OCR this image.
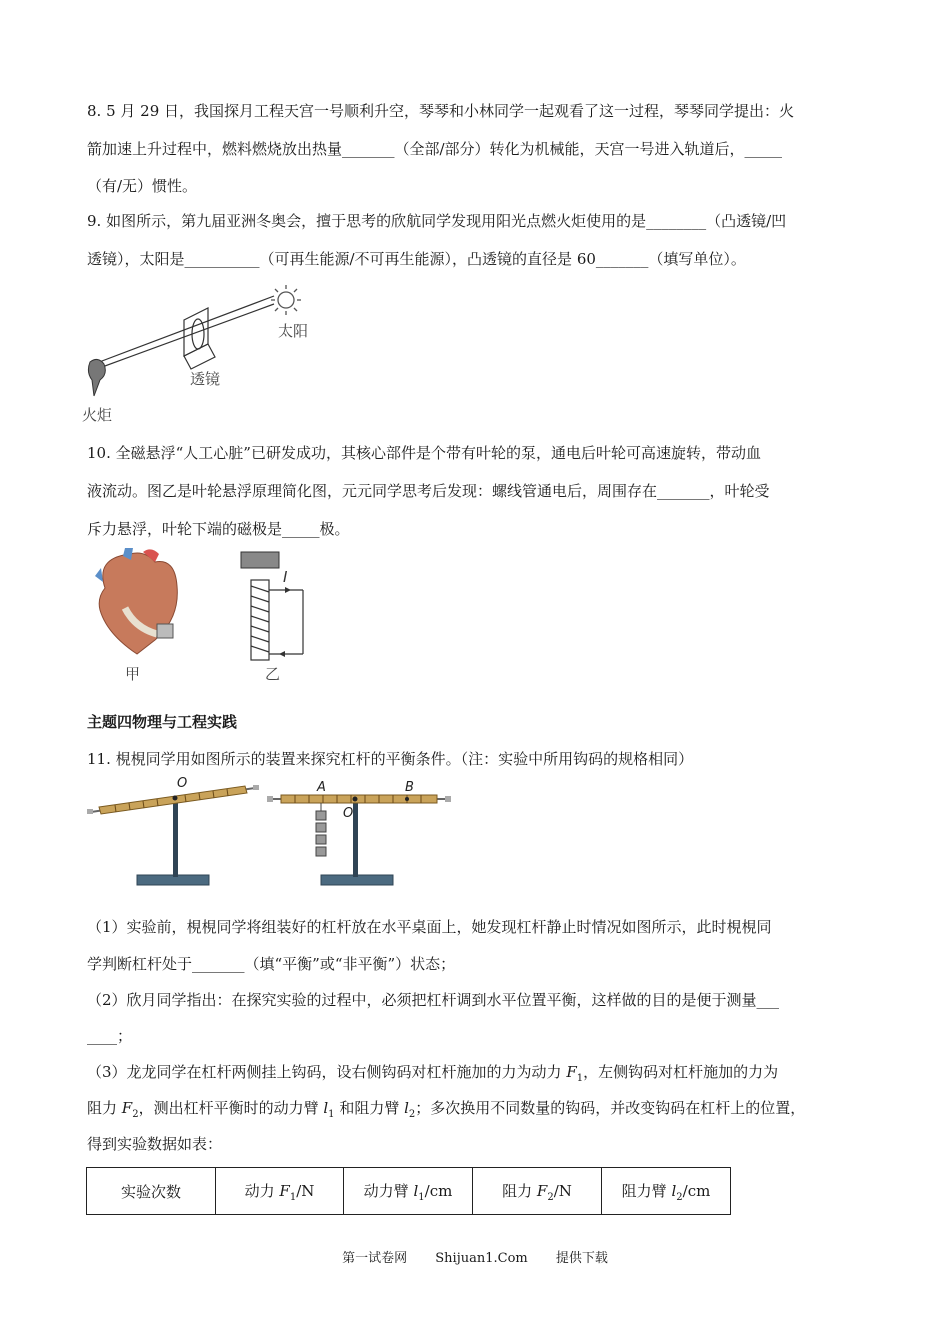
8. 5 月 29 日，我国探月工程天宫一号顺利升空，琴琴和小林同学一起观看了这一过程，琴琴同学提出：火
箭加速上升过程中，燃料燃烧放出热量_______（全部/部分）转化为机械能，天宫一号进入轨道后，_____
（有/无）惯性。
9. 如图所示，第九届亚洲冬奥会，擅于思考的欣航同学发现用阳光点燃火炬使用的是________（凸透镜/凹
透镜），太阳是__________（可再生能源/不可再生能源），凸透镜的直径是 60_______（填写单位）。
太阳
透镜
火炬
10. 全磁悬浮“人工心脏”已研发成功，其核心部件是个带有叶轮的泵，通电后叶轮可高速旋转，带动血
液流动。图乙是叶轮悬浮原理简化图，元元同学思考后发现：螺线管通电后，周围存在_______，叶轮受
斥力悬浮，叶轮下端的磁极是_____极。
甲
I
乙
主题四物理与工程实践
11. 梘梘同学用如图所示的装置来探究杠杆的平衡条件。（注：实验中所用钩码的规格相同）
O	A	B
O
（1）实验前，梘梘同学将组装好的杠杆放在水平桌面上，她发现杠杆静止时情况如图所示，此时梘梘同
学判断杠杆处于_______（填“平衡”或“非平衡”）状态；
（2）欣月同学指出：在探究实验的过程中，必须把杠杆调到水平位置平衡，这样做的目的是便于测量___
____；
（3）龙龙同学在杠杆两侧挂上钩码，设右侧钩码对杠杆施加的力为动力 $F_1$，左侧钩码对杠杆施加的力为
阻力 $F_2$，测出杠杆平衡时的动力臂 $l_1$ 和阻力臂 $l_2$；多次换用不同数量的钩码，并改变钩码在杠杆上的位置，
得到实验数据如表：
实验次数	动力 $F_1/N$	动力臂 $l_1/cm$	阻力 $F_2/N$	阻力臂 $l_2/cm$
第一试卷网 Shijuan1.Com 提供下载
